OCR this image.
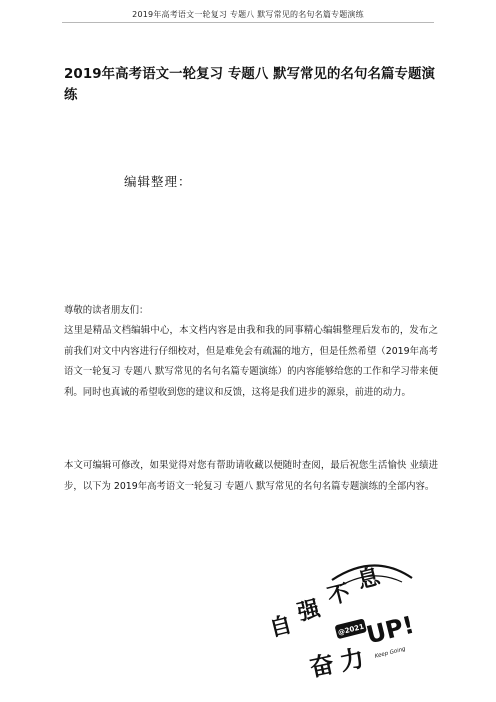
2019年高考语文一轮复习 专题八 默写常见的名句名篇专题演练
2019年高考语文一轮复习 专题八 默写常见的名句名篇专题演练
编辑整理：
尊敬的读者朋友们：

这里是精品文档编辑中心，本文档内容是由我和我的同事精心编辑整理后发布的，发布之前我们对文中内容进行仔细校对，但是难免会有疏漏的地方，但是任然希望（2019年高考语文一轮复习 专题八 默写常见的名句名篇专题演练）的内容能够给您的工作和学习带来便利。同时也真诚的希望收到您的建议和反馈，这将是我们进步的源泉，前进的动力。

本文可编辑可修改，如果觉得对您有帮助请收藏以便随时查阅，最后祝您生活愉快 业绩进步，以下为 2019年高考语文一轮复习 专题八 默写常见的名句名篇专题演练的全部内容。

自
强
不
息
@2021
UP!
Keep Going
奋 力
